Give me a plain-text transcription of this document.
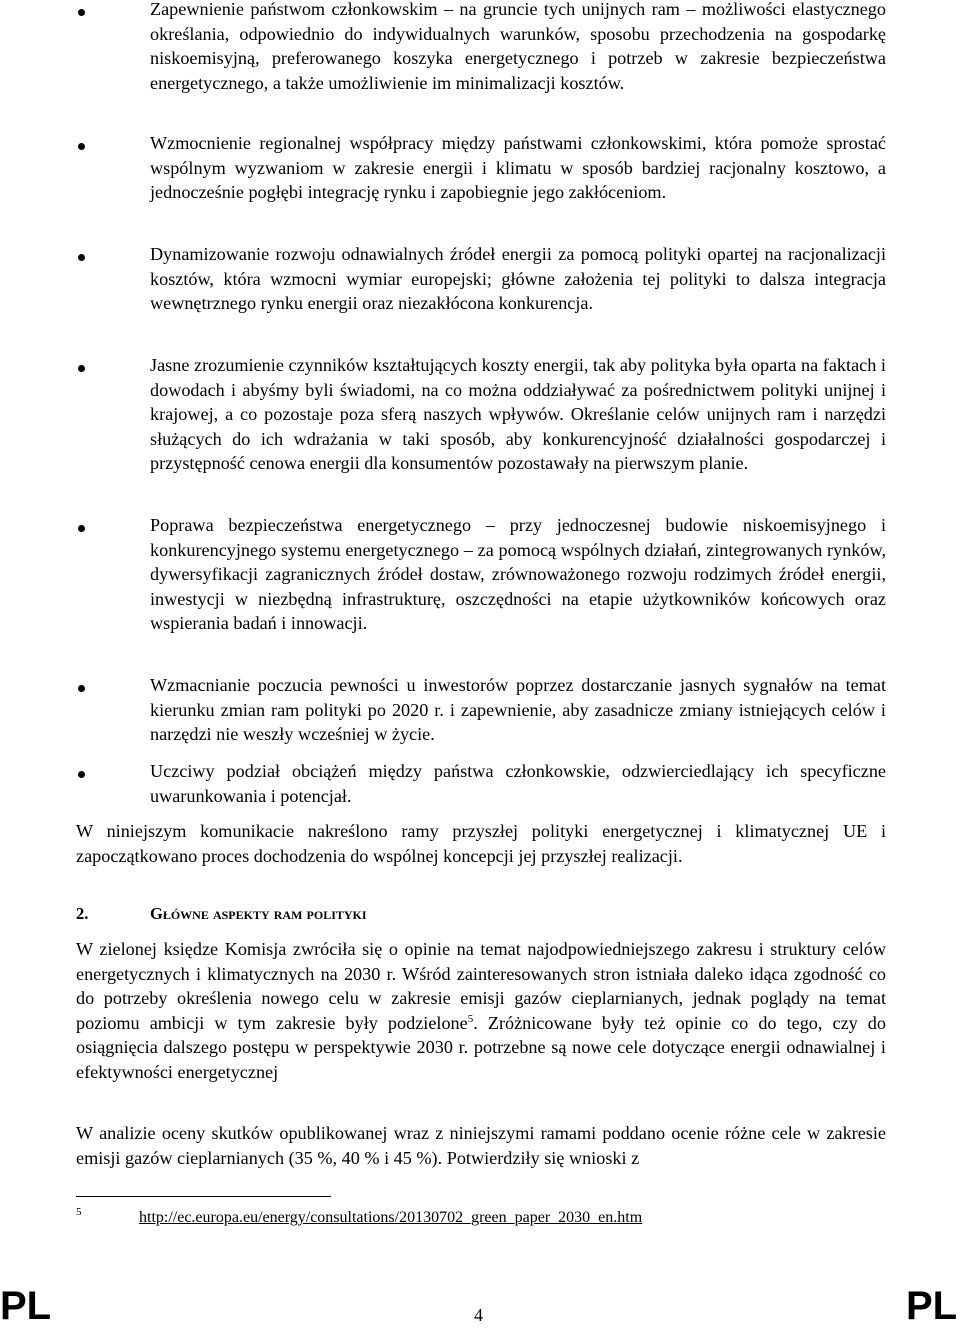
Zapewnienie państwom członkowskim – na gruncie tych unijnych ram – możliwości elastycznego określania, odpowiednio do indywidualnych warunków, sposobu przechodzenia na gospodarkę niskoemisyjną, preferowanego koszyka energetycznego i potrzeb w zakresie bezpieczeństwa energetycznego, a także umożliwienie im minimalizacji kosztów.
Wzmocnienie regionalnej współpracy między państwami członkowskimi, która pomoże sprostać wspólnym wyzwaniom w zakresie energii i klimatu w sposób bardziej racjonalny kosztowo, a jednocześnie pogłębi integrację rynku i zapobiegnie jego zakłóceniom.
Dynamizowanie rozwoju odnawialnych źródeł energii za pomocą polityki opartej na racjonalizacji kosztów, która wzmocni wymiar europejski; główne założenia tej polityki to dalsza integracja wewnętrznego rynku energii oraz niezakłócona konkurencja.
Jasne zrozumienie czynników kształtujących koszty energii, tak aby polityka była oparta na faktach i dowodach i abyśmy byli świadomi, na co można oddziaływać za pośrednictwem polityki unijnej i krajowej, a co pozostaje poza sferą naszych wpływów. Określanie celów unijnych ram i narzędzi służących do ich wdrażania w taki sposób, aby konkurencyjność działalności gospodarczej i przystępność cenowa energii dla konsumentów pozostawały na pierwszym planie.
Poprawa bezpieczeństwa energetycznego – przy jednoczesnej budowie niskoemisyjnego i konkurencyjnego systemu energetycznego – za pomocą wspólnych działań, zintegrowanych rynków, dywersyfikacji zagranicznych źródeł dostaw, zrównoważonego rozwoju rodzimych źródeł energii, inwestycji w niezbędną infrastrukturę, oszczędności na etapie użytkowników końcowych oraz wspierania badań i innowacji.
Wzmacnianie poczucia pewności u inwestorów poprzez dostarczanie jasnych sygnałów na temat kierunku zmian ram polityki po 2020 r. i zapewnienie, aby zasadnicze zmiany istniejących celów i narzędzi nie weszły wcześniej w życie.
Uczciwy podział obciążeń między państwa członkowskie, odzwierciedlający ich specyficzne uwarunkowania i potencjał.
W niniejszym komunikacie nakreślono ramy przyszłej polityki energetycznej i klimatycznej UE i zapoczątkowano proces dochodzenia do wspólnej koncepcji jej przyszłej realizacji.
2.	Główne aspekty ram polityki
W zielonej księdze Komisja zwróciła się o opinie na temat najodpowiedniejszego zakresu i struktury celów energetycznych i klimatycznych na 2030 r. Wśród zainteresowanych stron istniała daleko idąca zgodność co do potrzeby określenia nowego celu w zakresie emisji gazów cieplarnianych, jednak poglądy na temat poziomu ambicji w tym zakresie były podzielone$^5$. Zróżnicowane były też opinie co do tego, czy do osiągnięcia dalszego postępu w perspektywie 2030 r. potrzebne są nowe cele dotyczące energii odnawialnej i efektywności energetycznej
W analizie oceny skutków opublikowanej wraz z niniejszymi ramami poddano ocenie różne cele w zakresie emisji gazów cieplarnianych (35 %, 40 % i 45 %). Potwierdziły się wnioski z
5	http://ec.europa.eu/energy/consultations/20130702_green_paper_2030_en.htm
PL	4	PL
